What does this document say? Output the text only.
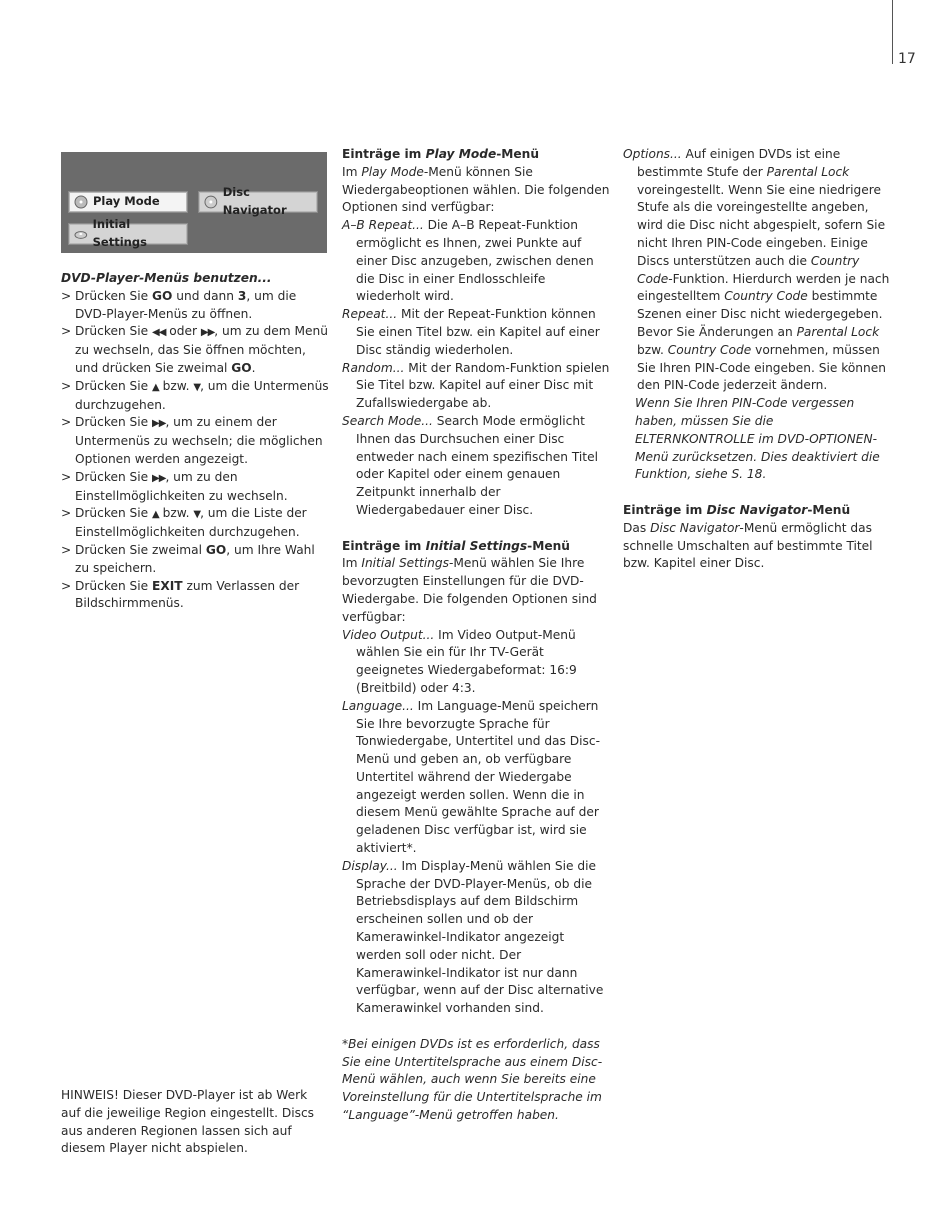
17
Play Mode
Disc Navigator
Initial Settings

DVD-Player-Menüs benutzen...

> Drücken Sie GO und dann 3, um die DVD-Player-Menüs zu öffnen.
> Drücken Sie ◀◀ oder ▶▶, um zu dem Menü zu wechseln, das Sie öffnen möchten, und drücken Sie zweimal GO.
> Drücken Sie ▲ bzw. ▼, um die Untermenüs durchzugehen.
> Drücken Sie ▶▶, um zu einem der Untermenüs zu wechseln; die möglichen Optionen werden angezeigt.
> Drücken Sie ▶▶, um zu den Einstellmöglichkeiten zu wechseln.
> Drücken Sie ▲ bzw. ▼, um die Liste der Einstellmöglichkeiten durchzugehen.
> Drücken Sie zweimal GO, um Ihre Wahl zu speichern.
> Drücken Sie EXIT zum Verlassen der Bildschirmmenüs.

HINWEIS! Dieser DVD-Player ist ab Werk auf die jeweilige Region eingestellt. Discs aus anderen Regionen lassen sich auf diesem Player nicht abspielen.

Einträge im Play Mode-Menü

Im Play Mode-Menü können Sie Wiedergabeoptionen wählen. Die folgenden Optionen sind verfügbar:

A–B Repeat... Die A–B Repeat-Funktion ermöglicht es Ihnen, zwei Punkte auf einer Disc anzugeben, zwischen denen die Disc in einer Endlosschleife wiederholt wird.

Repeat... Mit der Repeat-Funktion können Sie einen Titel bzw. ein Kapitel auf einer Disc ständig wiederholen.

Random... Mit der Random-Funktion spielen Sie Titel bzw. Kapitel auf einer Disc mit Zufallswiedergabe ab.

Search Mode... Search Mode ermöglicht Ihnen das Durchsuchen einer Disc entweder nach einem spezifischen Titel oder Kapitel oder einem genauen Zeitpunkt innerhalb der Wiedergabedauer einer Disc.

Einträge im Initial Settings-Menü

Im Initial Settings-Menü wählen Sie Ihre bevorzugten Einstellungen für die DVD-Wiedergabe. Die folgenden Optionen sind verfügbar:

Video Output... Im Video Output-Menü wählen Sie ein für Ihr TV-Gerät geeignetes Wiedergabeformat: 16:9 (Breitbild) oder 4:3.

Language... Im Language-Menü speichern Sie Ihre bevorzugte Sprache für Tonwiedergabe, Untertitel und das Disc-Menü und geben an, ob verfügbare Untertitel während der Wiedergabe angezeigt werden sollen. Wenn die in diesem Menü gewählte Sprache auf der geladenen Disc verfügbar ist, wird sie aktiviert*.

Display... Im Display-Menü wählen Sie die Sprache der DVD-Player-Menüs, ob die Betriebsdisplays auf dem Bildschirm erscheinen sollen und ob der Kamerawinkel-Indikator angezeigt werden soll oder nicht. Der Kamerawinkel-Indikator ist nur dann verfügbar, wenn auf der Disc alternative Kamerawinkel vorhanden sind.

*Bei einigen DVDs ist es erforderlich, dass Sie eine Untertitelsprache aus einem Disc-Menü wählen, auch wenn Sie bereits eine Voreinstellung für die Untertitelsprache im “Language”-Menü getroffen haben.

Options... Auf einigen DVDs ist eine bestimmte Stufe der Parental Lock voreingestellt. Wenn Sie eine niedrigere Stufe als die voreingestellte angeben, wird die Disc nicht abgespielt, sofern Sie nicht Ihren PIN-Code eingeben. Einige Discs unterstützen auch die Country Code-Funktion. Hierdurch werden je nach eingestelltem Country Code bestimmte Szenen einer Disc nicht wiedergegeben. Bevor Sie Änderungen an Parental Lock bzw. Country Code vornehmen, müssen Sie Ihren PIN-Code eingeben. Sie können den PIN-Code jederzeit ändern.

Wenn Sie Ihren PIN-Code vergessen haben, müssen Sie die ELTERNKONTROLLE im DVD-OPTIONEN-Menü zurücksetzen. Dies deaktiviert die Funktion, siehe S. 18.

Einträge im Disc Navigator-Menü

Das Disc Navigator-Menü ermöglicht das schnelle Umschalten auf bestimmte Titel bzw. Kapitel einer Disc.
